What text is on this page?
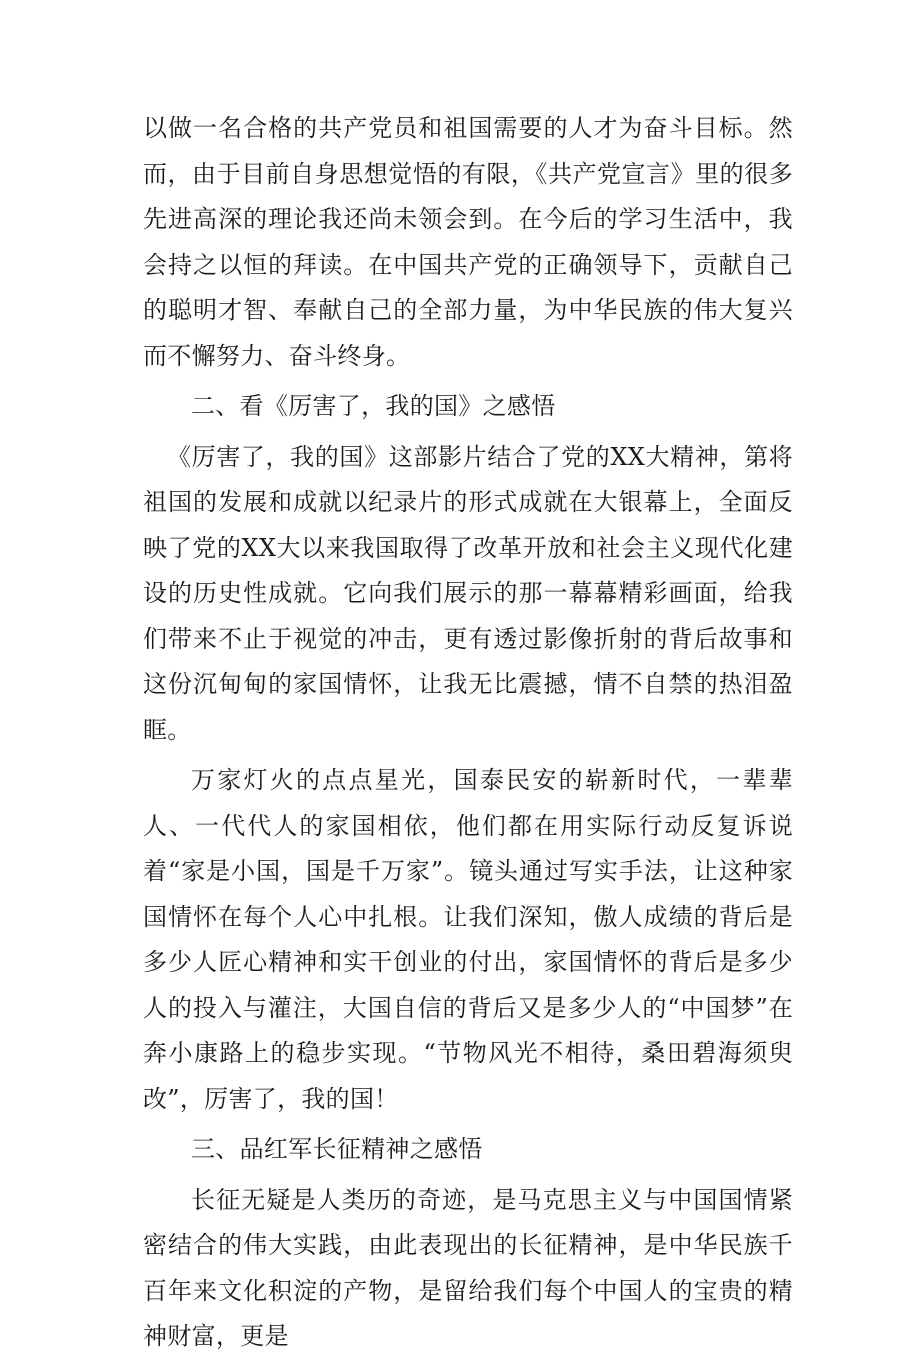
以做一名合格的共产党员和祖国需要的人才为奋斗目标。然而，由于目前自身思想觉悟的有限，《共产党宣言》里的很多先进高深的理论我还尚未领会到。在今后的学习生活中，我会持之以恒的拜读。在中国共产党的正确领导下，贡献自己的聪明才智、奉献自己的全部力量，为中华民族的伟大复兴而不懈努力、奋斗终身。

二、看《厉害了，我的国》之感悟

《厉害了，我的国》这部影片结合了党的XX大精神，第将祖国的发展和成就以纪录片的形式成就在大银幕上，全面反映了党的XX大以来我国取得了改革开放和社会主义现代化建设的历史性成就。它向我们展示的那一幕幕精彩画面，给我们带来不止于视觉的冲击，更有透过影像折射的背后故事和这份沉甸甸的家国情怀，让我无比震撼，情不自禁的热泪盈眶。

万家灯火的点点星光，国泰民安的崭新时代，一辈辈人、一代代人的家国相依，他们都在用实际行动反复诉说着“家是小国，国是千万家”。镜头通过写实手法，让这种家国情怀在每个人心中扎根。让我们深知，傲人成绩的背后是多少人匠心精神和实干创业的付出，家国情怀的背后是多少人的投入与灌注，大国自信的背后又是多少人的“中国梦”在奔小康路上的稳步实现。“节物风光不相待，桑田碧海须臾改”，厉害了，我的国！

三、品红军长征精神之感悟

长征无疑是人类历的奇迹，是马克思主义与中国国情紧密结合的伟大实践，由此表现出的长征精神，是中华民族千百年来文化积淀的产物，是留给我们每个中国人的宝贵的精神财富，更是
